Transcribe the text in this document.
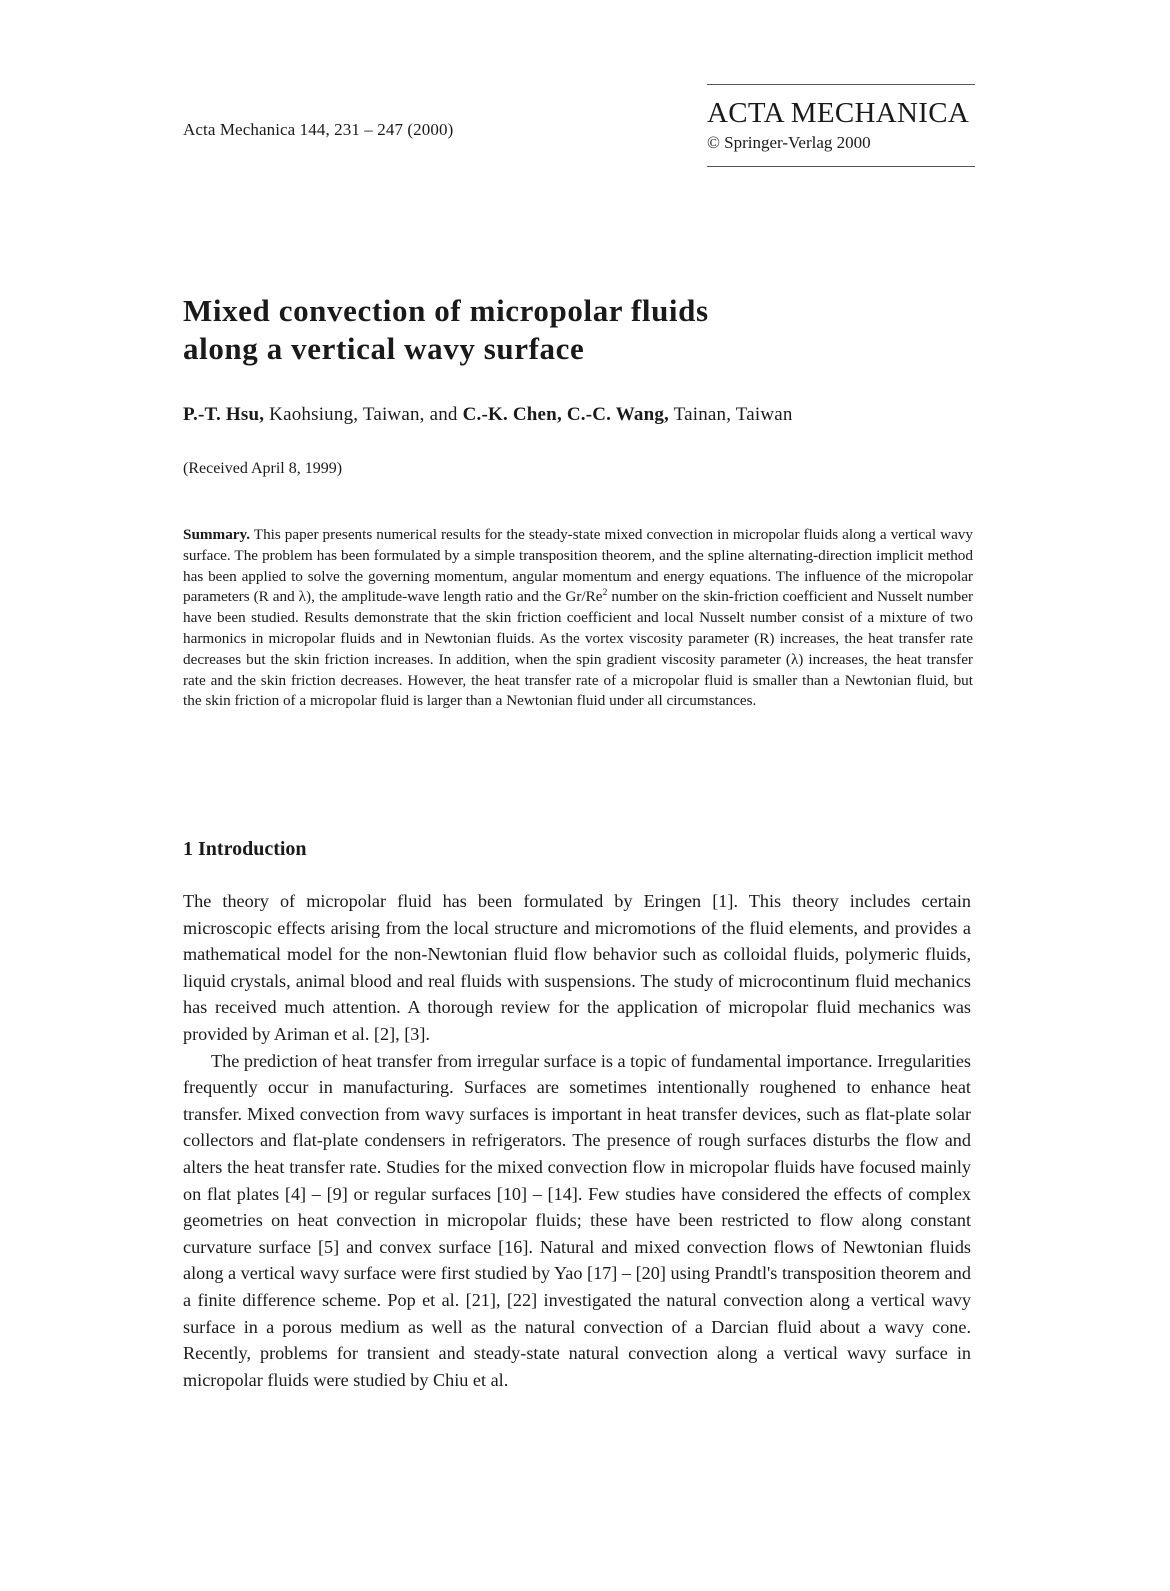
Acta Mechanica 144, 231 – 247 (2000)
ACTA MECHANICA
© Springer-Verlag 2000
Mixed convection of micropolar fluids
along a vertical wavy surface
P.-T. Hsu, Kaohsiung, Taiwan, and C.-K. Chen, C.-C. Wang, Tainan, Taiwan
(Received April 8, 1999)

Summary. This paper presents numerical results for the steady-state mixed convection in micropolar fluids along a vertical wavy surface. The problem has been formulated by a simple transposition theorem, and the spline alternating-direction implicit method has been applied to solve the governing momentum, angular momentum and energy equations. The influence of the micropolar parameters (R and λ), the amplitude-wave length ratio and the Gr/Re$^2$ number on the skin-friction coefficient and Nusselt number have been studied. Results demonstrate that the skin friction coefficient and local Nusselt number consist of a mixture of two harmonics in micropolar fluids and in Newtonian fluids. As the vortex viscosity parameter (R) increases, the heat transfer rate decreases but the skin friction increases. In addition, when the spin gradient viscosity parameter (λ) increases, the heat transfer rate and the skin friction decreases. However, the heat transfer rate of a micropolar fluid is smaller than a Newtonian fluid, but the skin friction of a micropolar fluid is larger than a Newtonian fluid under all circumstances.

1 Introduction

The theory of micropolar fluid has been formulated by Eringen [1]. This theory includes certain microscopic effects arising from the local structure and micromotions of the fluid elements, and provides a mathematical model for the non-Newtonian fluid flow behavior such as colloidal fluids, polymeric fluids, liquid crystals, animal blood and real fluids with suspensions. The study of microcontinum fluid mechanics has received much attention. A thorough review for the application of micropolar fluid mechanics was provided by Ariman et al. [2], [3].

The prediction of heat transfer from irregular surface is a topic of fundamental importance. Irregularities frequently occur in manufacturing. Surfaces are sometimes intentionally roughened to enhance heat transfer. Mixed convection from wavy surfaces is important in heat transfer devices, such as flat-plate solar collectors and flat-plate condensers in refrigerators. The presence of rough surfaces disturbs the flow and alters the heat transfer rate. Studies for the mixed convection flow in micropolar fluids have focused mainly on flat plates [4] – [9] or regular surfaces [10] – [14]. Few studies have considered the effects of complex geometries on heat convection in micropolar fluids; these have been restricted to flow along constant curvature surface [5] and convex surface [16]. Natural and mixed convection flows of Newtonian fluids along a vertical wavy surface were first studied by Yao [17] – [20] using Prandtl's transposition theorem and a finite difference scheme. Pop et al. [21], [22] investigated the natural convection along a vertical wavy surface in a porous medium as well as the natural convection of a Darcian fluid about a wavy cone. Recently, problems for transient and steady-state natural convection along a vertical wavy surface in micropolar fluids were studied by Chiu et al.
